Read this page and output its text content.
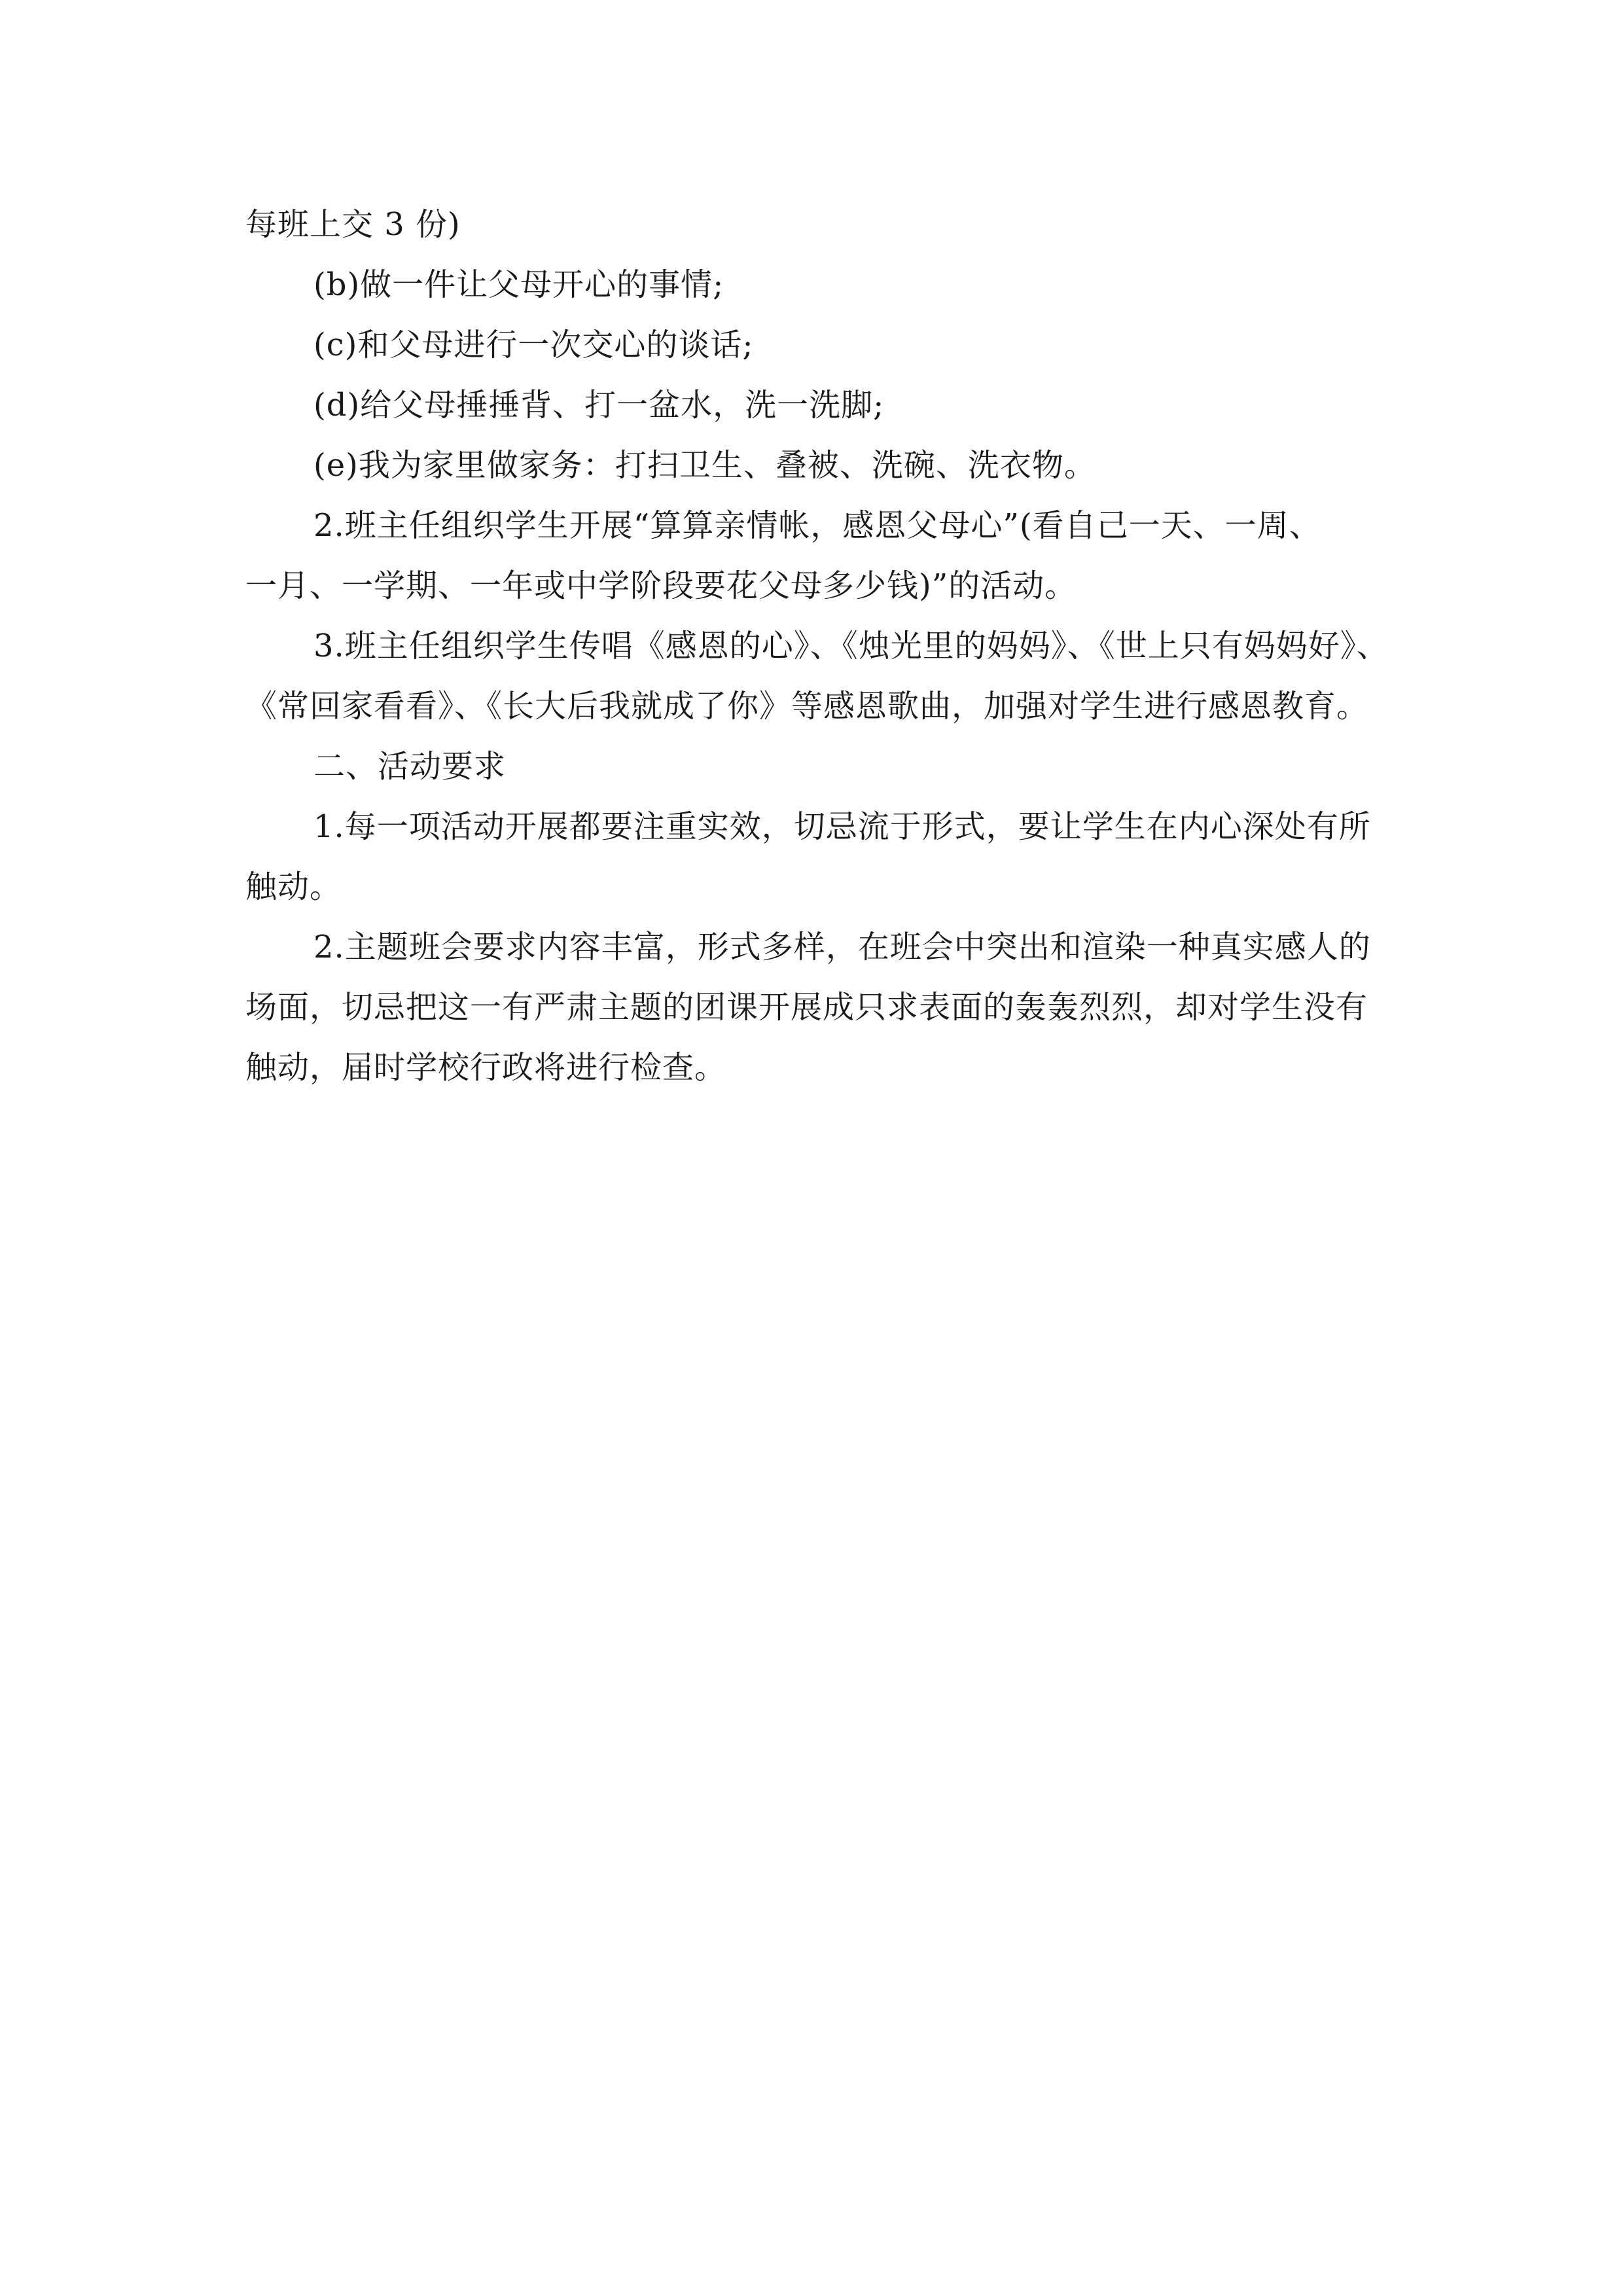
每班上交 3 份)

(b)做一件让父母开心的事情;

(c)和父母进行一次交心的谈话;

(d)给父母捶捶背、打一盆水，洗一洗脚;

(e)我为家里做家务：打扫卫生、叠被、洗碗、洗衣物。

2.班主任组织学生开展“算算亲情帐，感恩父母心”(看自己一天、一周、

一月、一学期、一年或中学阶段要花父母多少钱)”的活动。

3.班主任组织学生传唱《感恩的心》、《烛光里的妈妈》、《世上只有妈妈好》、

《常回家看看》、《长大后我就成了你》等感恩歌曲，加强对学生进行感恩教育。

二、活动要求

1.每一项活动开展都要注重实效，切忌流于形式，要让学生在内心深处有所

触动。

2.主题班会要求内容丰富，形式多样，在班会中突出和渲染一种真实感人的

场面，切忌把这一有严肃主题的团课开展成只求表面的轰轰烈烈，却对学生没有

触动，届时学校行政将进行检查。
